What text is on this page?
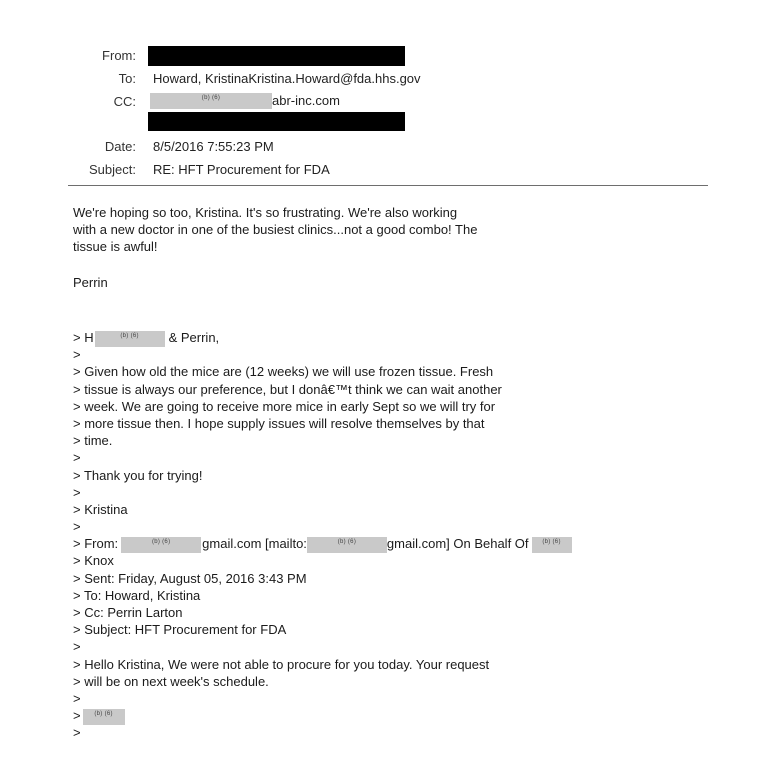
From:
To: Howard, KristinaKristina.Howard@fda.hhs.gov
CC:	(b) (6)	abr-inc.com
Date: 8/5/2016 7:55:23 PM
Subject: RE: HFT Procurement for FDA
We're hoping so too, Kristina. It's so frustrating. We're also working
with a new doctor in one of the busiest clinics...not a good combo! The
tissue is awful!
Perrin
> H	(b) (6) & Perrin,
>
> Given how old the mice are (12 weeks) we will use frozen tissue. Fresh
> tissue is always our preference, but I donâ€™t think we can wait another
> week. We are going to receive more mice in early Sept so we will try for
> more tissue then. I hope supply issues will resolve themselves by that
> time.
>
> Thank you for trying!
>
> Kristina
>
> From:	(b) (6) gmail.com [mailto:	(b) (6) gmail.com] On Behalf Of (b) (6)
> Knox
> Sent: Friday, August 05, 2016 3:43 PM
> To: Howard, Kristina
> Cc: Perrin Larton
> Subject: HFT Procurement for FDA
>
> Hello Kristina, We were not able to procure for you today. Your request
> will be on next week's schedule.
>
> (b) (6)
>
